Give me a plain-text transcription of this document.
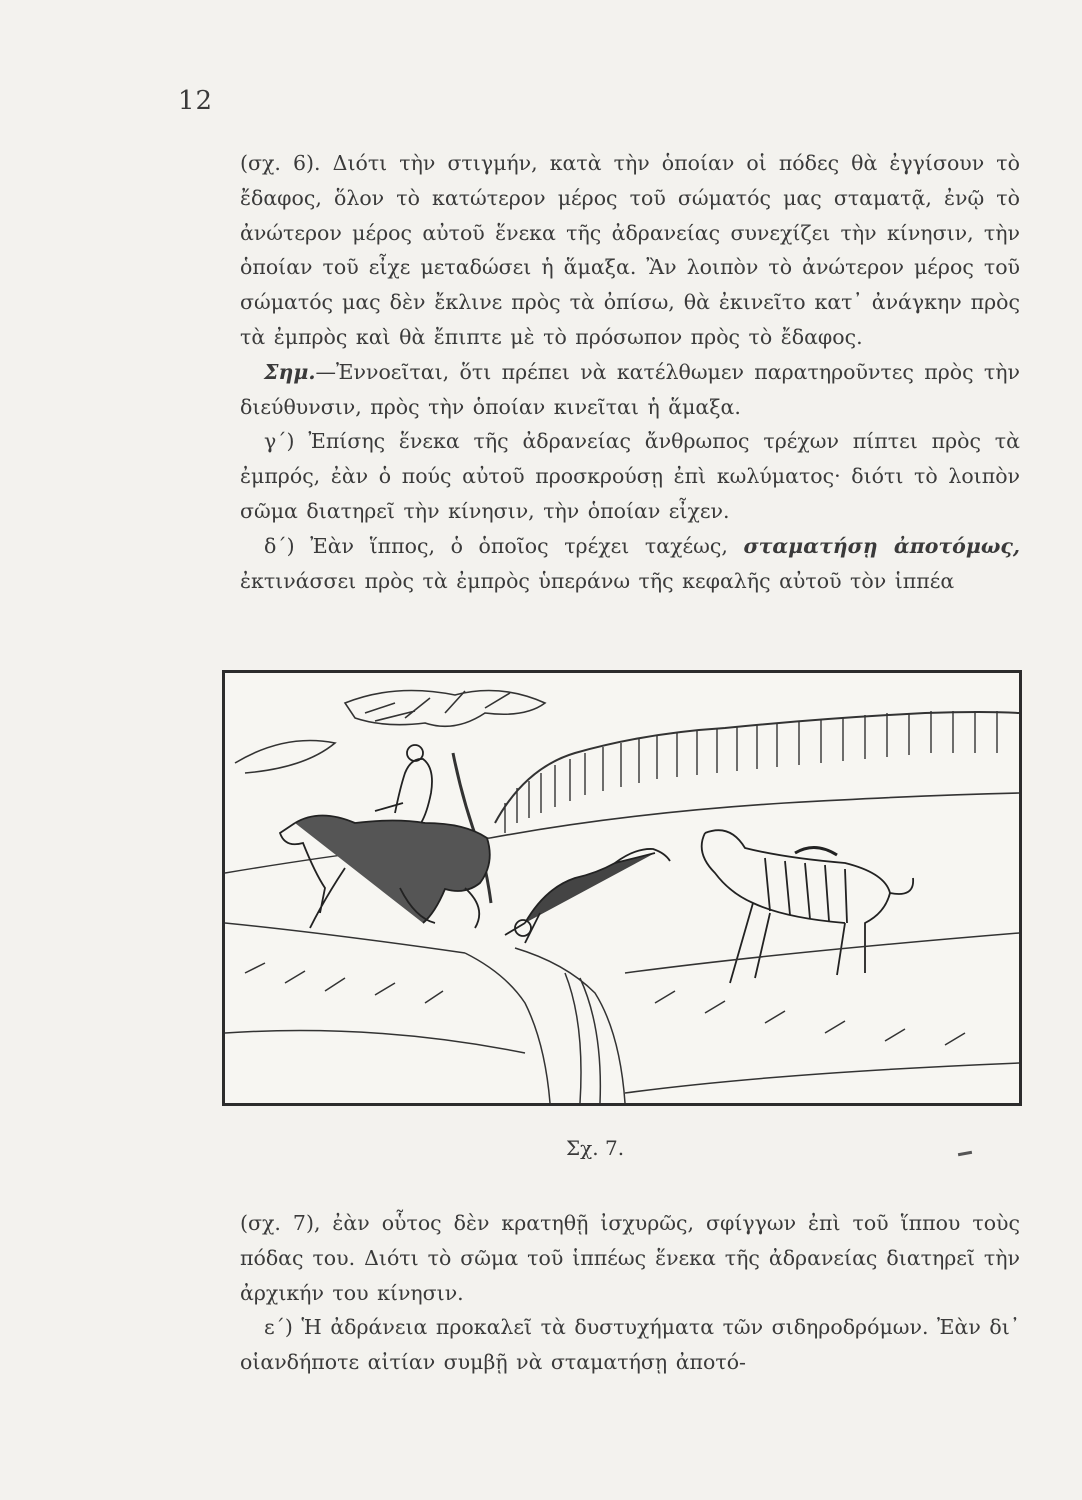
12

(σχ. 6). Διότι τὴν στιγμήν, κατὰ τὴν ὁποίαν οἱ πόδες θὰ ἐγγίσουν τὸ ἔδαφος, ὅλον τὸ κατώτερον μέρος τοῦ σώματός μας σταματᾷ, ἐνῷ τὸ ἀνώτερον μέρος αὐτοῦ ἕνεκα τῆς ἀδρανείας συνεχίζει τὴν κίνησιν, τὴν ὁποίαν τοῦ εἶχε μεταδώσει ἡ ἅμαξα. Ἂν λοιπὸν τὸ ἀνώτερον μέρος τοῦ σώματός μας δὲν ἔκλινε πρὸς τὰ ὀπίσω, θὰ ἐκινεῖτο κατ᾿ ἀνάγκην πρὸς τὰ ἐμπρὸς καὶ θὰ ἔπιπτε μὲ τὸ πρόσωπον πρὸς τὸ ἔδαφος.

Σημ.—Ἐννοεῖται, ὅτι πρέπει νὰ κατέλθωμεν παρατηροῦντες πρὸς τὴν διεύθυνσιν, πρὸς τὴν ὁποίαν κινεῖται ἡ ἅμαξα.

γ΄) Ἐπίσης ἕνεκα τῆς ἀδρανείας ἄνθρωπος τρέχων πίπτει πρὸς τὰ ἐμπρός, ἐὰν ὁ πούς αὐτοῦ προσκρούσῃ ἐπὶ κωλύματος· διότι τὸ λοιπὸν σῶμα διατηρεῖ τὴν κίνησιν, τὴν ὁποίαν εἶχεν.

δ΄) Ἐὰν ἵππος, ὁ ὁποῖος τρέχει ταχέως, σταματήσῃ ἀποτόμως, ἐκτινάσσει πρὸς τὰ ἐμπρὸς ὑπεράνω τῆς κεφαλῆς αὐτοῦ τὸν ἱππέα

Σχ. 7.

(σχ. 7), ἐὰν οὗτος δὲν κρατηθῇ ἰσχυρῶς, σφίγγων ἐπὶ τοῦ ἵππου τοὺς πόδας του. Διότι τὸ σῶμα τοῦ ἱππέως ἕνεκα τῆς ἀδρανείας διατηρεῖ τὴν ἀρχικήν του κίνησιν.

ε΄) Ἡ ἀδράνεια προκαλεῖ τὰ δυστυχήματα τῶν σιδηροδρόμων. Ἐὰν δι᾿ οἱανδήποτε αἰτίαν συμβῇ νὰ σταματήσῃ ἀποτό-
